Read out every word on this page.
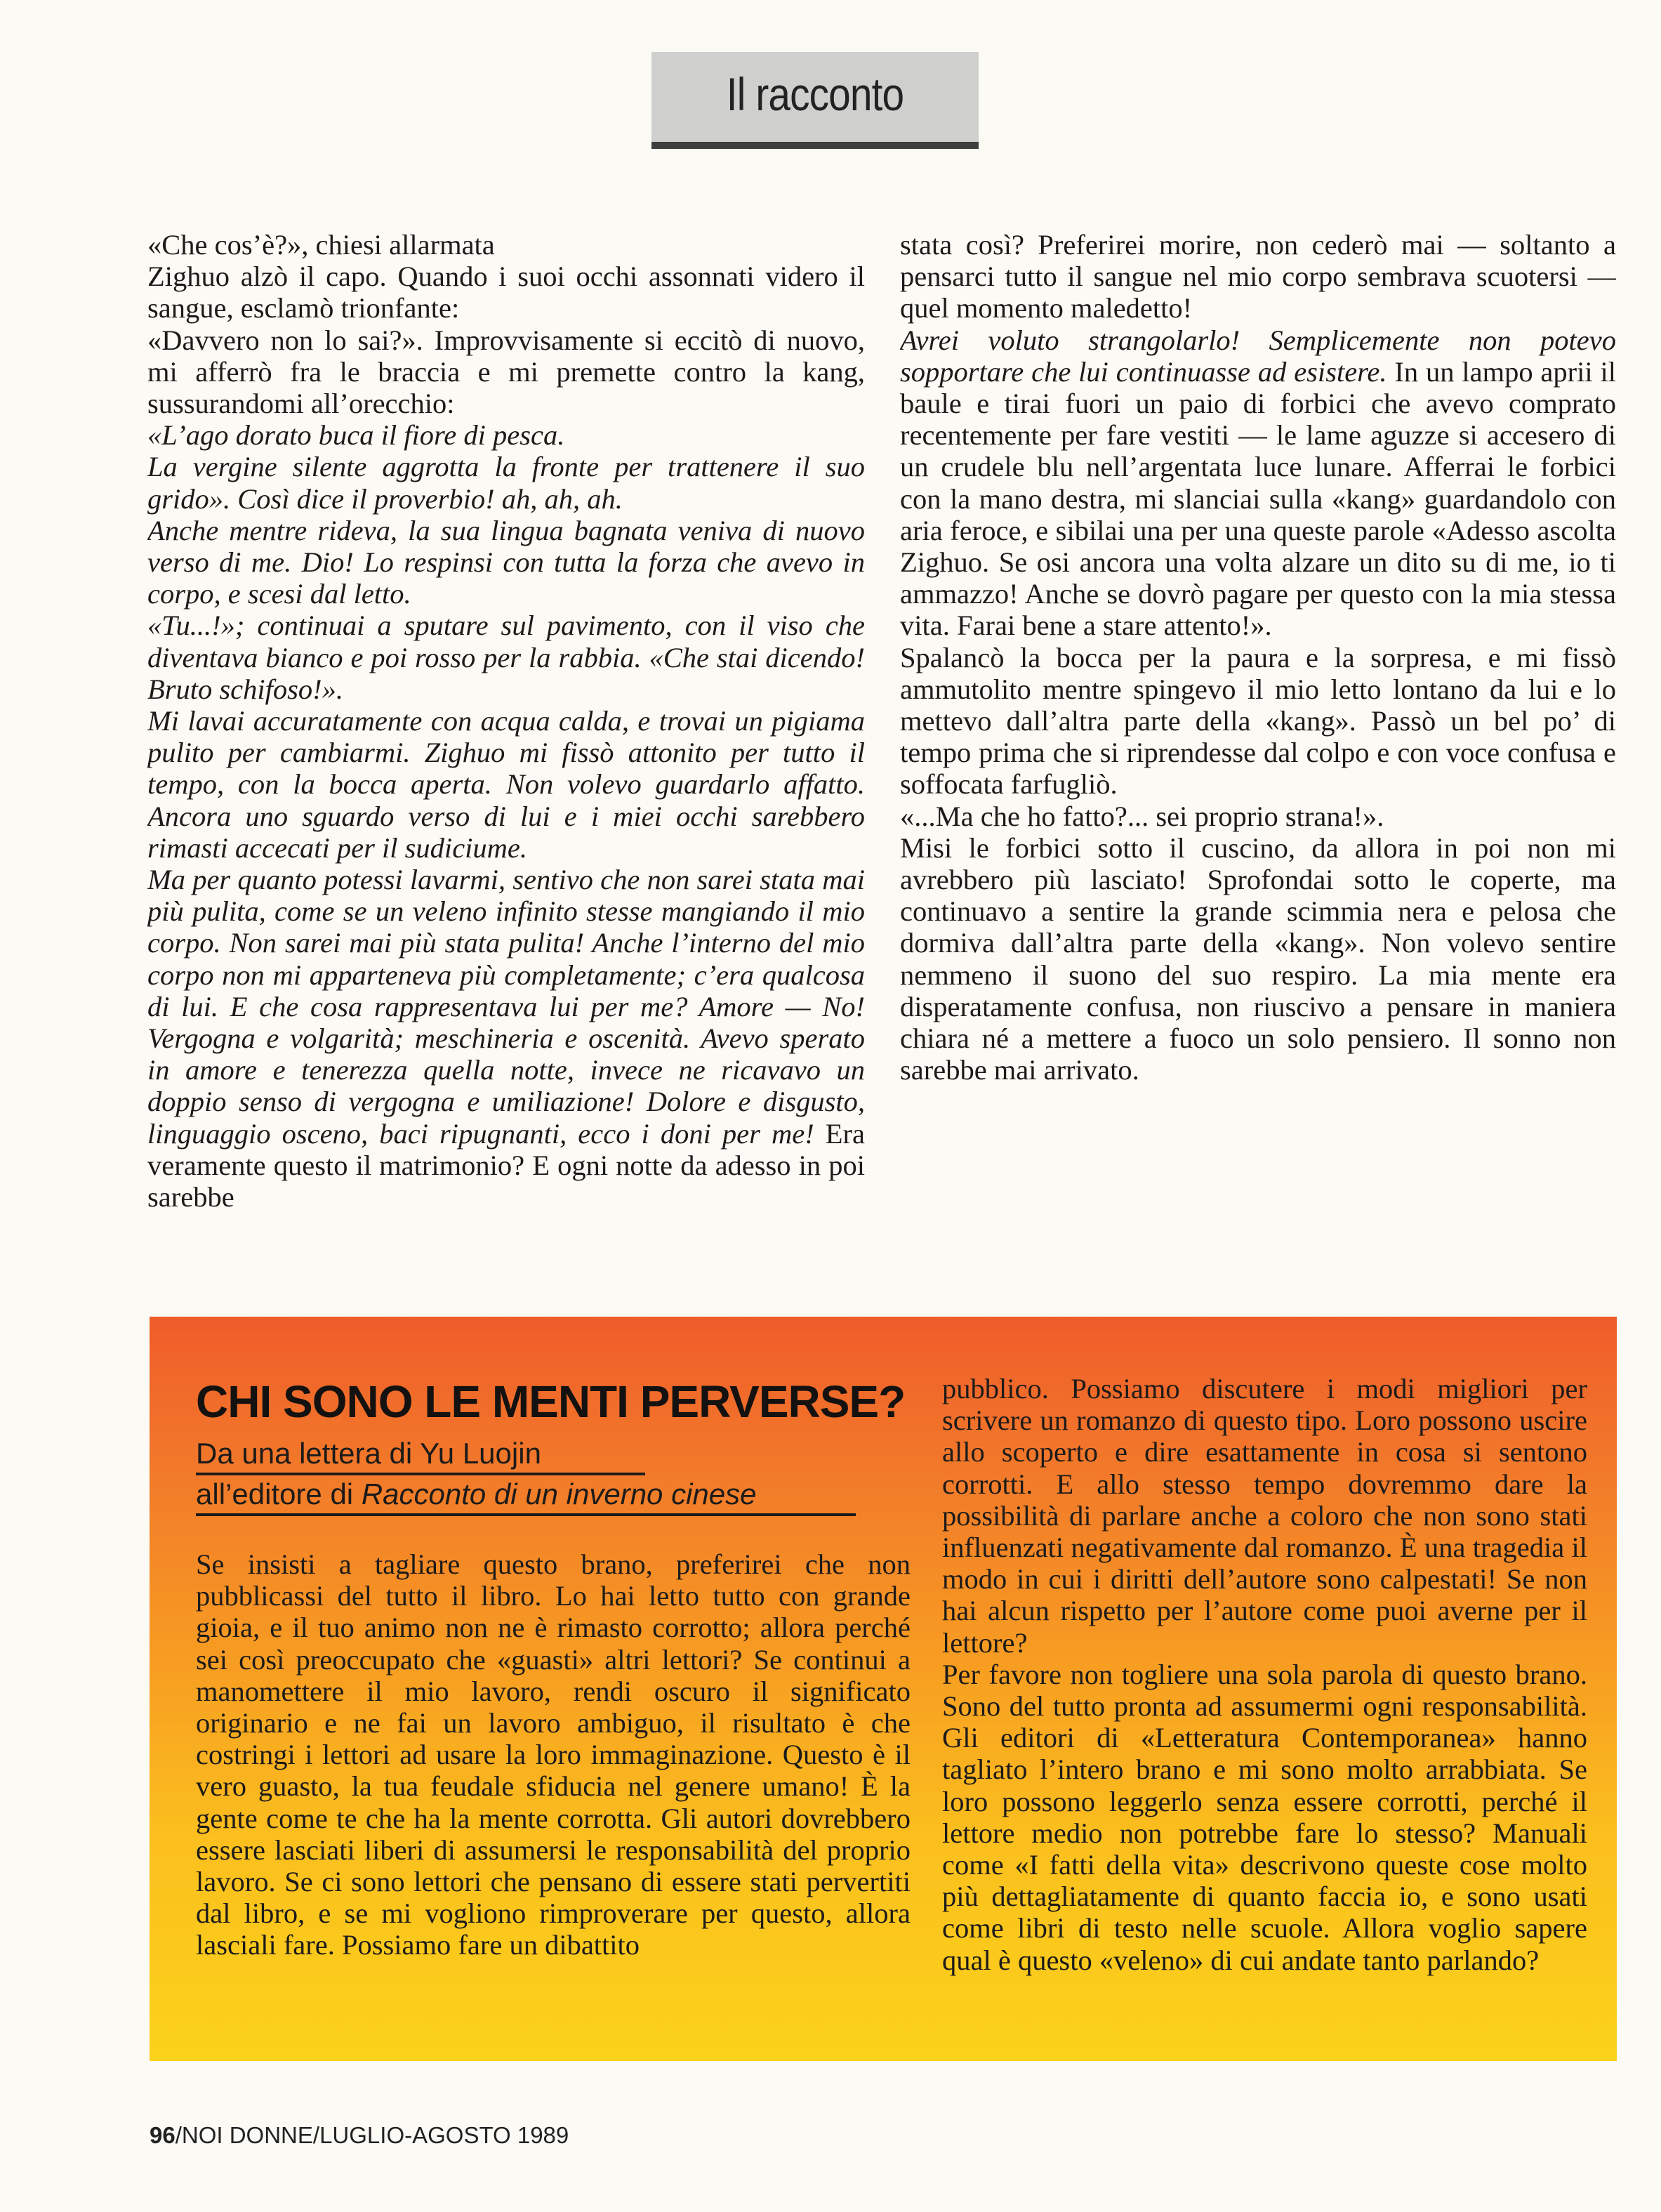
Il racconto

«Che cos’è?», chiesi allarmata

Zighuo alzò il capo. Quando i suoi occhi assonnati videro il sangue, esclamò trionfante:

«Davvero non lo sai?». Improvvisamente si eccitò di nuovo, mi afferrò fra le braccia e mi premette contro la kang, sussurandomi all’orecchio:

«L’ago dorato buca il fiore di pesca.

La vergine silente aggrotta la fronte per trattenere il suo grido». Così dice il proverbio! ah, ah, ah.

Anche mentre rideva, la sua lingua bagnata veniva di nuovo verso di me. Dio! Lo respinsi con tutta la forza che avevo in corpo, e scesi dal letto.

«Tu...!»; continuai a sputare sul pavimento, con il viso che diventava bianco e poi rosso per la rabbia. «Che stai dicendo! Bruto schifoso!».

Mi lavai accuratamente con acqua calda, e trovai un pigiama pulito per cambiarmi. Zighuo mi fissò attonito per tutto il tempo, con la bocca aperta. Non volevo guardarlo affatto. Ancora uno sguardo verso di lui e i miei occhi sarebbero rimasti accecati per il sudiciume.

Ma per quanto potessi lavarmi, sentivo che non sarei stata mai più pulita, come se un veleno infinito stesse mangiando il mio corpo. Non sarei mai più stata pulita! Anche l’interno del mio corpo non mi apparteneva più completamente; c’era qualcosa di lui. E che cosa rappresentava lui per me? Amore — No! Vergogna e volgarità; meschineria e oscenità. Avevo sperato in amore e tenerezza quella notte, invece ne ricavavo un doppio senso di vergogna e umiliazione! Dolore e disgusto, linguaggio osceno, baci ripugnanti, ecco i doni per me! Era veramente questo il matrimonio? E ogni notte da adesso in poi sarebbe

stata così? Preferirei morire, non cederò mai — soltanto a pensarci tutto il sangue nel mio corpo sembrava scuotersi — quel momento maledetto!

Avrei voluto strangolarlo! Semplicemente non potevo sopportare che lui continuasse ad esistere. In un lampo aprii il baule e tirai fuori un paio di forbici che avevo comprato recentemente per fare vestiti — le lame aguzze si accesero di un crudele blu nell’argentata luce lunare. Afferrai le forbici con la mano destra, mi slanciai sulla «kang» guardandolo con aria feroce, e sibilai una per una queste parole «Adesso ascolta Zighuo. Se osi ancora una volta alzare un dito su di me, io ti ammazzo! Anche se dovrò pagare per questo con la mia stessa vita. Farai bene a stare attento!».

Spalancò la bocca per la paura e la sorpresa, e mi fissò ammutolito mentre spingevo il mio letto lontano da lui e lo mettevo dall’altra parte della «kang». Passò un bel po’ di tempo prima che si riprendesse dal colpo e con voce confusa e soffocata farfugliò.

«...Ma che ho fatto?... sei proprio strana!».

Misi le forbici sotto il cuscino, da allora in poi non mi avrebbero più lasciato! Sprofondai sotto le coperte, ma continuavo a sentire la grande scimmia nera e pelosa che dormiva dall’altra parte della «kang». Non volevo sentire nemmeno il suono del suo respiro. La mia mente era disperatamente confusa, non riuscivo a pensare in maniera chiara né a mettere a fuoco un solo pensiero. Il sonno non sarebbe mai arrivato.

CHI SONO LE MENTI PERVERSE?
Da una lettera di Yu Luojin
all’editore di Racconto di un inverno cinese

Se insisti a tagliare questo brano, preferirei che non pubblicassi del tutto il libro. Lo hai letto tutto con grande gioia, e il tuo animo non ne è rimasto corrotto; allora perché sei così preoccupato che «guasti» altri lettori? Se continui a manomettere il mio lavoro, rendi oscuro il significato originario e ne fai un lavoro ambiguo, il risultato è che costringi i lettori ad usare la loro immaginazione. Questo è il vero guasto, la tua feudale sfiducia nel genere umano! È la gente come te che ha la mente corrotta. Gli autori dovrebbero essere lasciati liberi di assumersi le responsabilità del proprio lavoro. Se ci sono lettori che pensano di essere stati pervertiti dal libro, e se mi vogliono rimproverare per questo, allora lasciali fare. Possiamo fare un dibattito

pubblico. Possiamo discutere i modi migliori per scrivere un romanzo di questo tipo. Loro possono uscire allo scoperto e dire esattamente in cosa si sentono corrotti. E allo stesso tempo dovremmo dare la possibilità di parlare anche a coloro che non sono stati influenzati negativamente dal romanzo. È una tragedia il modo in cui i diritti dell’autore sono calpestati! Se non hai alcun rispetto per l’autore come puoi averne per il lettore?

Per favore non togliere una sola parola di questo brano. Sono del tutto pronta ad assumermi ogni responsabilità. Gli editori di «Letteratura Contemporanea» hanno tagliato l’intero brano e mi sono molto arrabbiata. Se loro possono leggerlo senza essere corrotti, perché il lettore medio non potrebbe fare lo stesso? Manuali come «I fatti della vita» descrivono queste cose molto più dettagliatamente di quanto faccia io, e sono usati come libri di testo nelle scuole. Allora voglio sapere qual è questo «veleno» di cui andate tanto parlando?

96/NOI DONNE/LUGLIO-AGOSTO 1989
